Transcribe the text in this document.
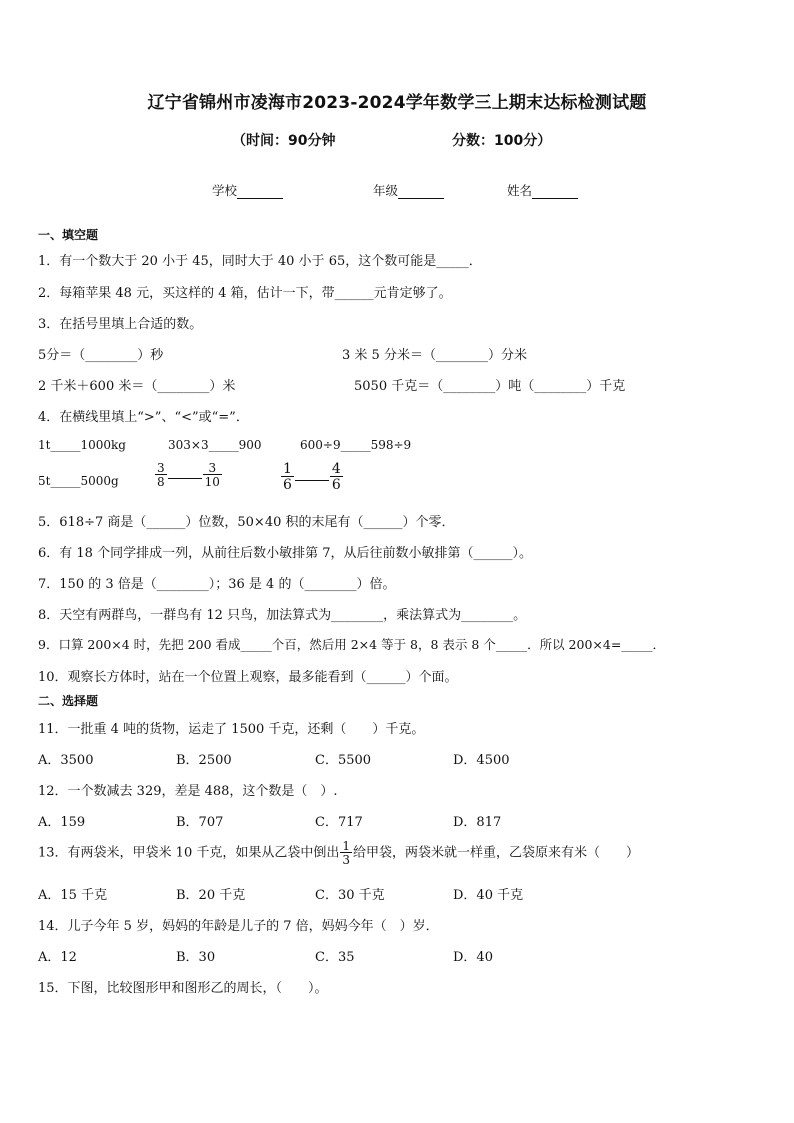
辽宁省锦州市凌海市2023-2024学年数学三上期末达标检测试题
（时间：90分钟	分数：100分）
学校	年级	姓名
一、填空题
1．有一个数大于 20 小于 45，同时大于 40 小于 65，这个数可能是_____．
2．每箱苹果 48 元，买这样的 4 箱，估计一下，带______元肯定够了。
3．在括号里填上合适的数。
5分＝（________）秒	3 米 5 分米＝（________）分米
2 千米＋600 米＝（________）米	5050 千克＝（________）吨（________）千克
4．在横线里填上“>”、“<”或“=”．
1t_____1000kg	303×3_____900	600÷9_____598÷9
5t_____5000g	$\frac{3}{8}$	$\frac{3}{10}$	$\frac{1}{6}$	$\frac{4}{6}$
5．618÷7 商是（______）位数，50×40 积的末尾有（______）个零．
6．有 18 个同学排成一列，从前往后数小敏排第 7，从后往前数小敏排第（______）。
7．150 的 3 倍是（________）；36 是 4 的（________）倍。
8．天空有两群鸟，一群鸟有 12 只鸟，加法算式为________，乘法算式为________。
9．口算 200×4 时，先把 200 看成_____个百，然后用 2×4 等于 8，8 表示 8 个_____．所以 200×4=_____．
10．观察长方体时，站在一个位置上观察，最多能看到（______）个面。
二、选择题
11．一批重 4 吨的货物，运走了 1500 千克，还剩（　　）千克。
A．3500	B．2500	C．5500	D．4500
12．一个数减去 329，差是 488，这个数是（　）.
A．159	B．707	C．717	D．817
13．有两袋米，甲袋米 10 千克，如果从乙袋中倒出 $\frac{1}{3}$ 给甲袋，两袋米就一样重，乙袋原来有米（　　）
A．15 千克	B．20 千克	C．30 千克	D．40 千克
14．儿子今年 5 岁，妈妈的年龄是儿子的 7 倍，妈妈今年（　）岁．
A．12	B．30	C．35	D．40
15．下图，比较图形甲和图形乙的周长，（　　）。
